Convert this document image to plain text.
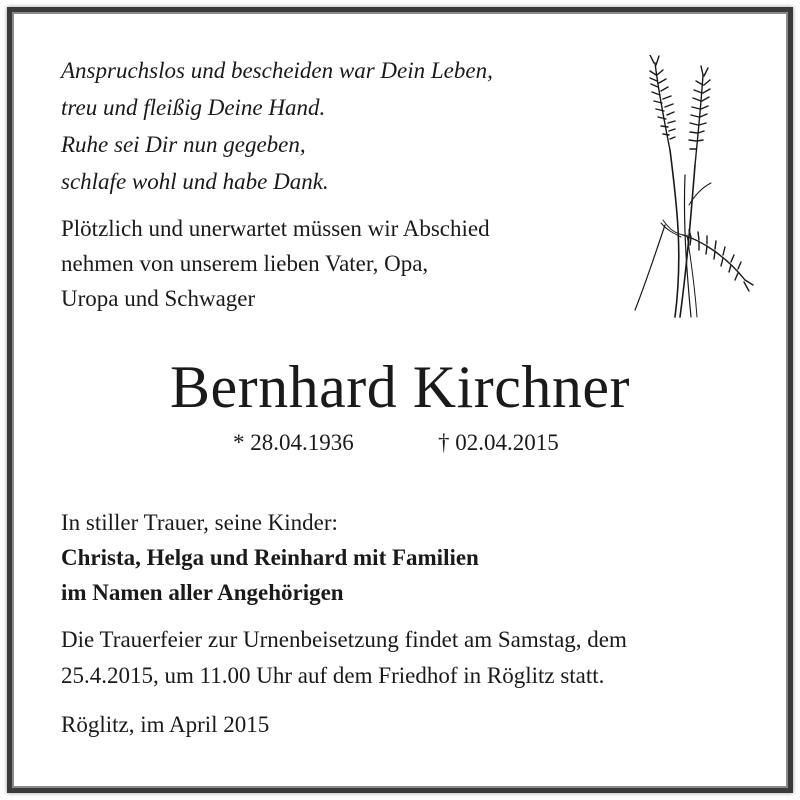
Anspruchslos und bescheiden war Dein Leben,
treu und fleißig Deine Hand.
Ruhe sei Dir nun gegeben,
schlafe wohl und habe Dank.

Plötzlich und unerwartet müssen wir Abschied
nehmen von unserem lieben Vater, Opa,
Uropa und Schwager

Bernhard Kirchner
* 28.04.1936	† 02.04.2015

In stiller Trauer, seine Kinder:
Christa, Helga und Reinhard mit Familien
im Namen aller Angehörigen

Die Trauerfeier zur Urnenbeisetzung findet am Samstag, dem
25.4.2015, um 11.00 Uhr auf dem Friedhof in Röglitz statt.

Röglitz, im April 2015
